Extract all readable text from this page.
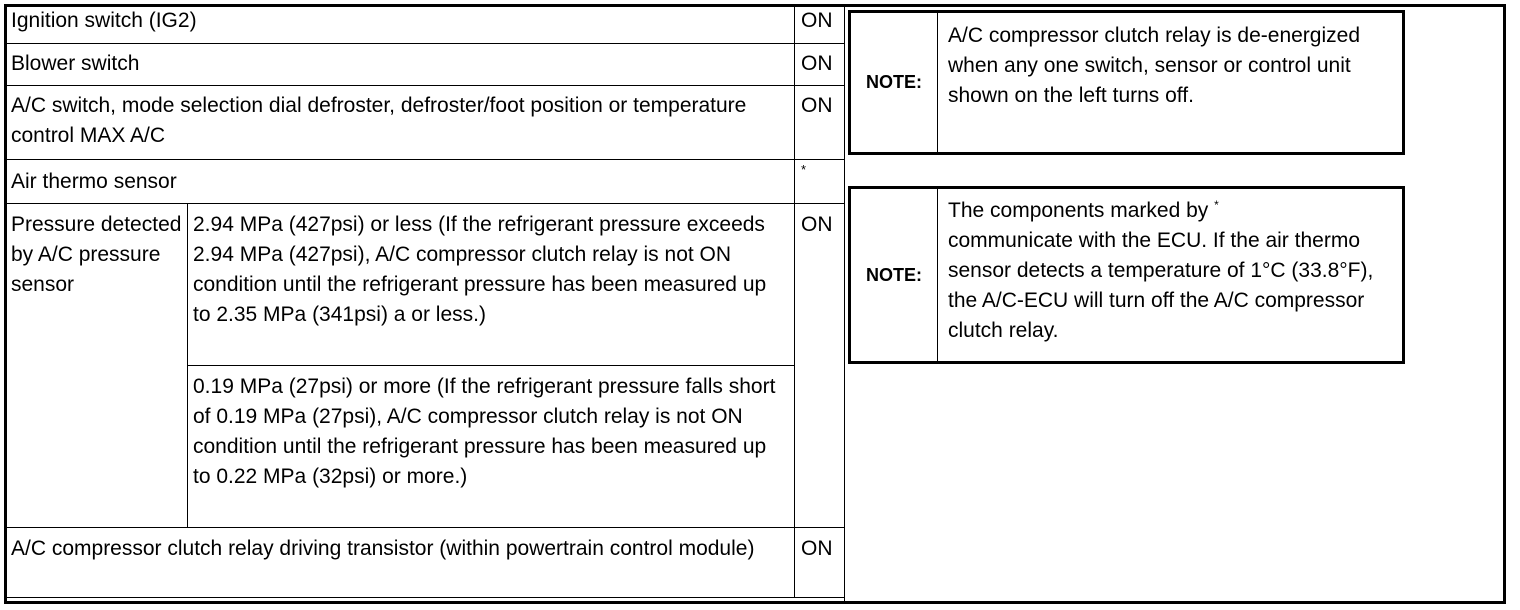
Ignition switch (IG2)		ON
Blower switch		ON
A/C switch, mode selection dial defroster, defroster/foot position or temperature control MAX A/C		ON
Air thermo sensor		*
Pressure detected by A/C pressure sensor	2.94 MPa (427psi) or less (If the refrigerant pressure exceeds 2.94 MPa (427psi), A/C compressor clutch relay is not ON condition until the refrigerant pressure has been measured up to 2.35 MPa (341psi) a or less.)	ON
	0.19 MPa (27psi) or more (If the refrigerant pressure falls short of 0.19 MPa (27psi), A/C compressor clutch relay is not ON condition until the refrigerant pressure has been measured up to 0.22 MPa (32psi) or more.)	
A/C compressor clutch relay driving transistor (within powertrain control module)		ON
NOTE:
A/C compressor clutch relay is de-energized when any one switch, sensor or control unit shown on the left turns off.
NOTE:
The components marked by *
communicate with the ECU. If the air thermo sensor detects a temperature of 1°C (33.8°F), the A/C-ECU will turn off the A/C compressor clutch relay.
